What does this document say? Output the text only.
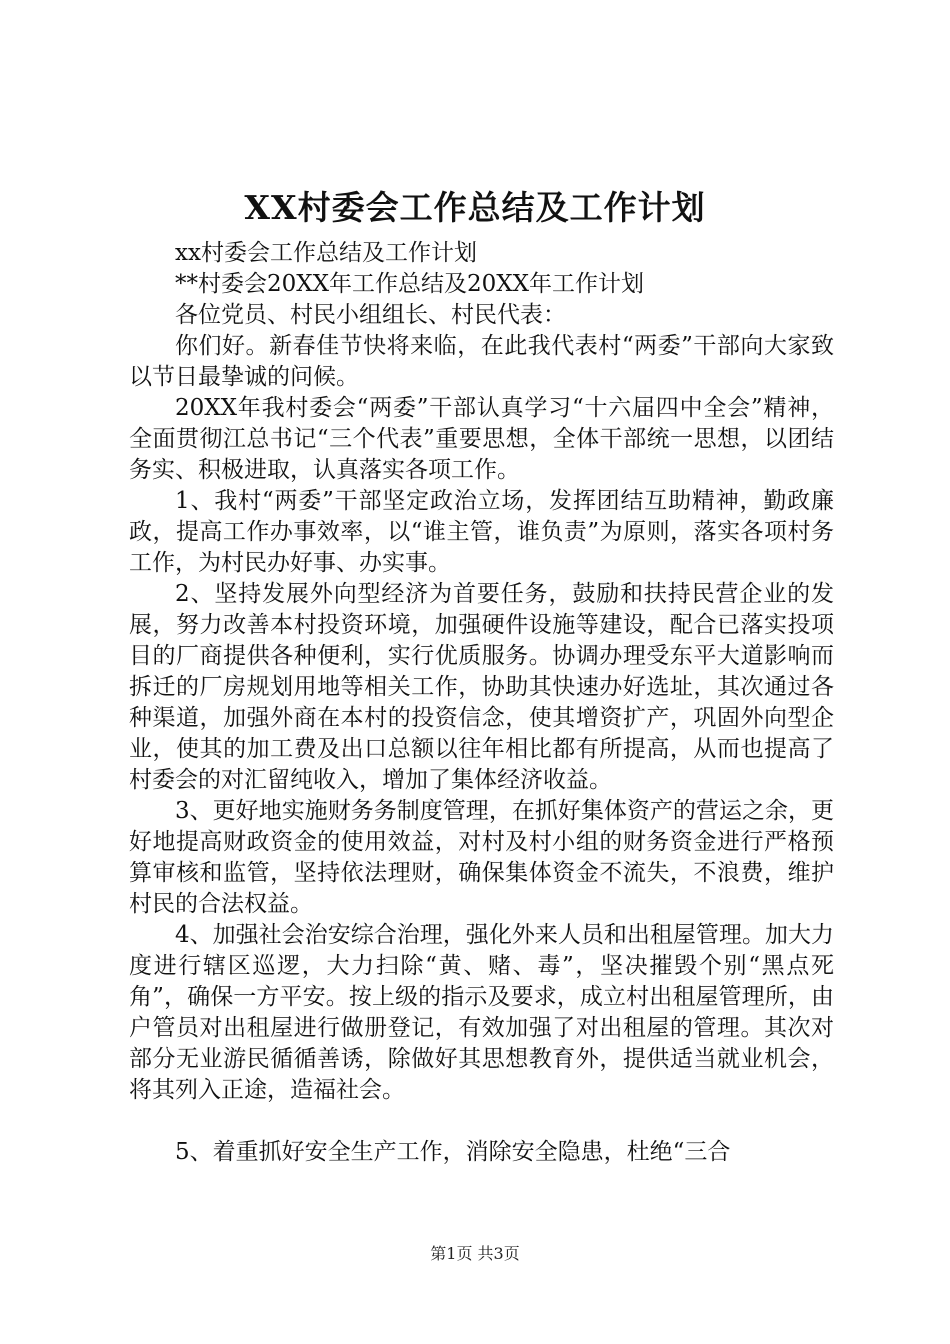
XX村委会工作总结及工作计划

xx村委会工作总结及工作计划

**村委会20XX年工作总结及20XX年工作计划

各位党员、村民小组组长、村民代表：

你们好。新春佳节快将来临，在此我代表村“两委”干部向大家致以节日最挚诚的问候。

20XX年我村委会“两委”干部认真学习“十六届四中全会”精神，全面贯彻江总书记“三个代表”重要思想，全体干部统一思想，以团结务实、积极进取，认真落实各项工作。

1、我村“两委”干部坚定政治立场，发挥团结互助精神，勤政廉政，提高工作办事效率，以“谁主管，谁负责”为原则，落实各项村务工作，为村民办好事、办实事。

2、坚持发展外向型经济为首要任务，鼓励和扶持民营企业的发展，努力改善本村投资环境，加强硬件设施等建设，配合已落实投项目的厂商提供各种便利，实行优质服务。协调办理受东平大道影响而拆迁的厂房规划用地等相关工作，协助其快速办好选址，其次通过各种渠道，加强外商在本村的投资信念，使其增资扩产，巩固外向型企业，使其的加工费及出口总额以往年相比都有所提高，从而也提高了村委会的对汇留纯收入，增加了集体经济收益。

3、更好地实施财务务制度管理，在抓好集体资产的营运之余，更好地提高财政资金的使用效益，对村及村小组的财务资金进行严格预算审核和监管，坚持依法理财，确保集体资金不流失，不浪费，维护村民的合法权益。

4、加强社会治安综合治理，强化外来人员和出租屋管理。加大力度进行辖区巡逻，大力扫除“黄、赌、毒”，坚决摧毁个别“黑点死角”，确保一方平安。按上级的指示及要求，成立村出租屋管理所，由户管员对出租屋进行做册登记，有效加强了对出租屋的管理。其次对部分无业游民循循善诱，除做好其思想教育外，提供适当就业机会，将其列入正途，造福社会。

5、着重抓好安全生产工作，消除安全隐患，杜绝“三合

第1页 共3页
